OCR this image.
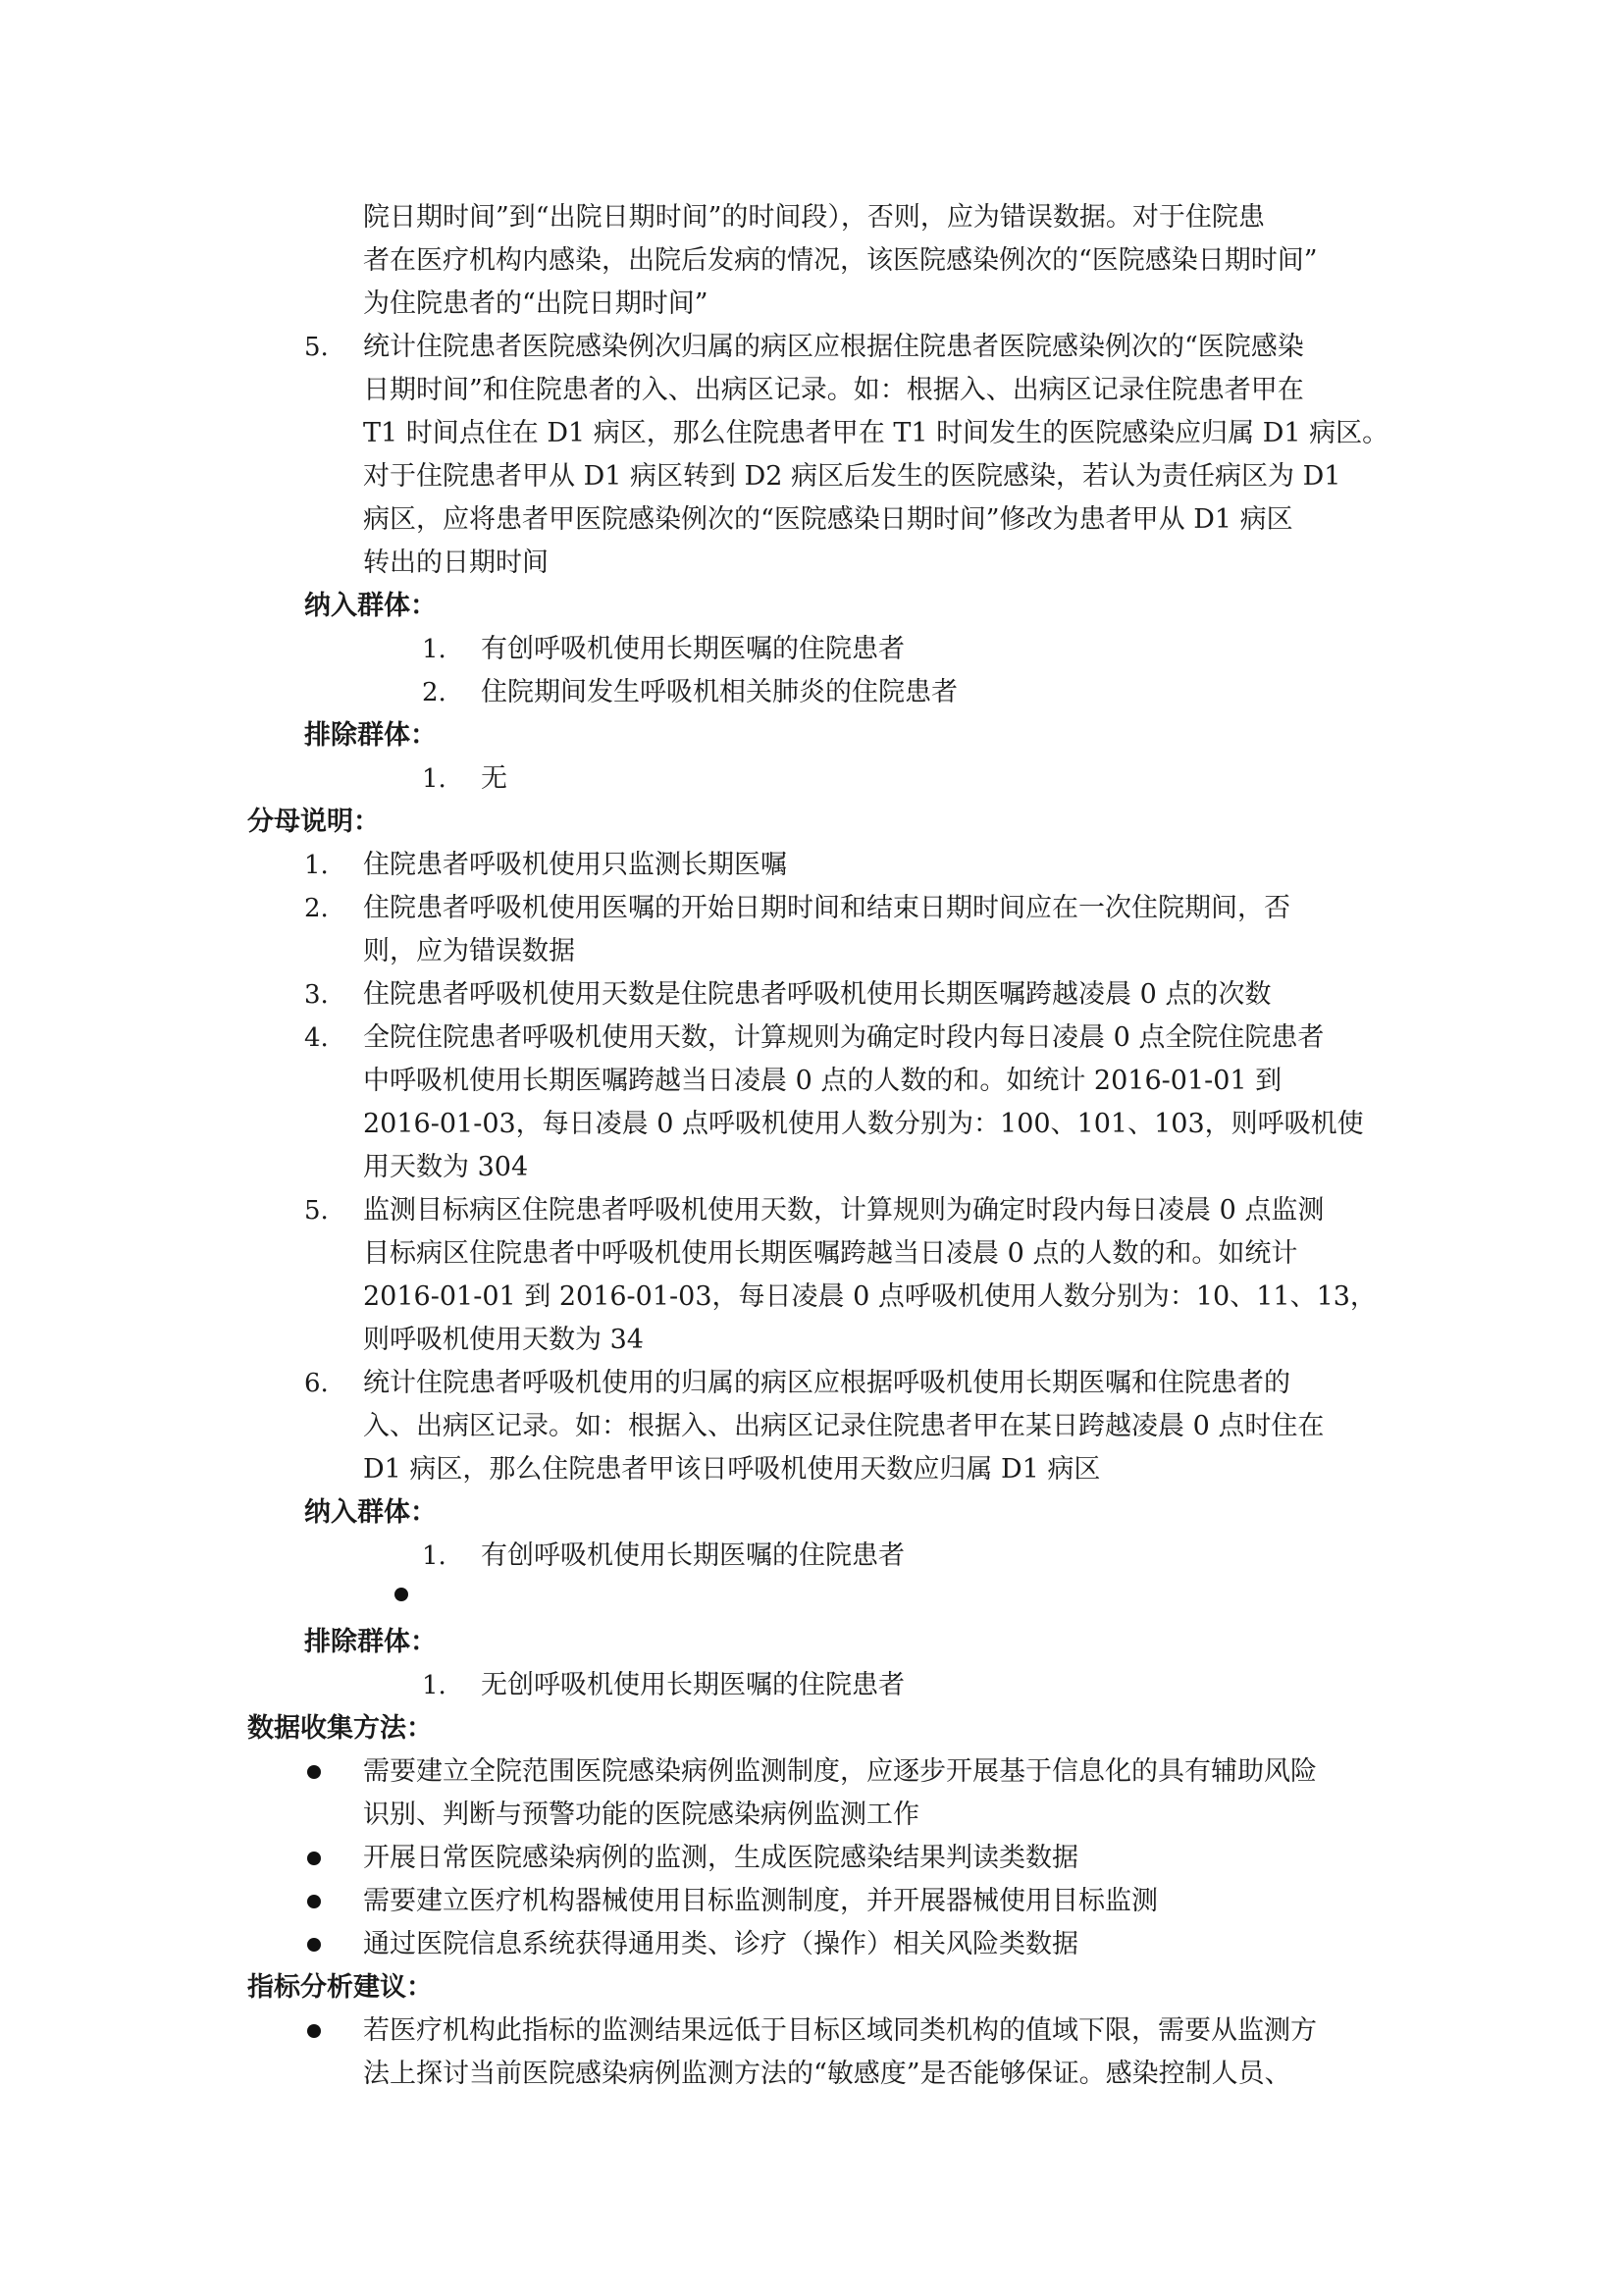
院日期时间”到“出院日期时间”的时间段），否则，应为错误数据。对于住院患
者在医疗机构内感染，出院后发病的情况，该医院感染例次的“医院感染日期时间”
为住院患者的“出院日期时间”
5. 统计住院患者医院感染例次归属的病区应根据住院患者医院感染例次的“医院感染
日期时间”和住院患者的入、出病区记录。如：根据入、出病区记录住院患者甲在
T1 时间点住在 D1 病区，那么住院患者甲在 T1 时间发生的医院感染应归属 D1 病区。
对于住院患者甲从 D1 病区转到 D2 病区后发生的医院感染，若认为责任病区为 D1
病区，应将患者甲医院感染例次的“医院感染日期时间”修改为患者甲从 D1 病区
转出的日期时间
纳入群体：
1. 有创呼吸机使用长期医嘱的住院患者
2. 住院期间发生呼吸机相关肺炎的住院患者
排除群体：
1. 无
分母说明：
1. 住院患者呼吸机使用只监测长期医嘱
2. 住院患者呼吸机使用医嘱的开始日期时间和结束日期时间应在一次住院期间，否
则，应为错误数据
3. 住院患者呼吸机使用天数是住院患者呼吸机使用长期医嘱跨越凌晨 0 点的次数
4. 全院住院患者呼吸机使用天数，计算规则为确定时段内每日凌晨 0 点全院住院患者
中呼吸机使用长期医嘱跨越当日凌晨 0 点的人数的和。如统计 2016-01-01 到
2016-01-03，每日凌晨 0 点呼吸机使用人数分别为：100、101、103，则呼吸机使
用天数为 304
5. 监测目标病区住院患者呼吸机使用天数，计算规则为确定时段内每日凌晨 0 点监测
目标病区住院患者中呼吸机使用长期医嘱跨越当日凌晨 0 点的人数的和。如统计
2016-01-01 到 2016-01-03，每日凌晨 0 点呼吸机使用人数分别为：10、11、13，
则呼吸机使用天数为 34
6. 统计住院患者呼吸机使用的归属的病区应根据呼吸机使用长期医嘱和住院患者的
入、出病区记录。如：根据入、出病区记录住院患者甲在某日跨越凌晨 0 点时住在
D1 病区，那么住院患者甲该日呼吸机使用天数应归属 D1 病区
纳入群体：
1. 有创呼吸机使用长期医嘱的住院患者
排除群体：
1. 无创呼吸机使用长期医嘱的住院患者
数据收集方法：
需要建立全院范围医院感染病例监测制度，应逐步开展基于信息化的具有辅助风险
识别、判断与预警功能的医院感染病例监测工作
开展日常医院感染病例的监测，生成医院感染结果判读类数据
需要建立医疗机构器械使用目标监测制度，并开展器械使用目标监测
通过医院信息系统获得通用类、诊疗（操作）相关风险类数据
指标分析建议：
若医疗机构此指标的监测结果远低于目标区域同类机构的值域下限，需要从监测方
法上探讨当前医院感染病例监测方法的“敏感度”是否能够保证。感染控制人员、
